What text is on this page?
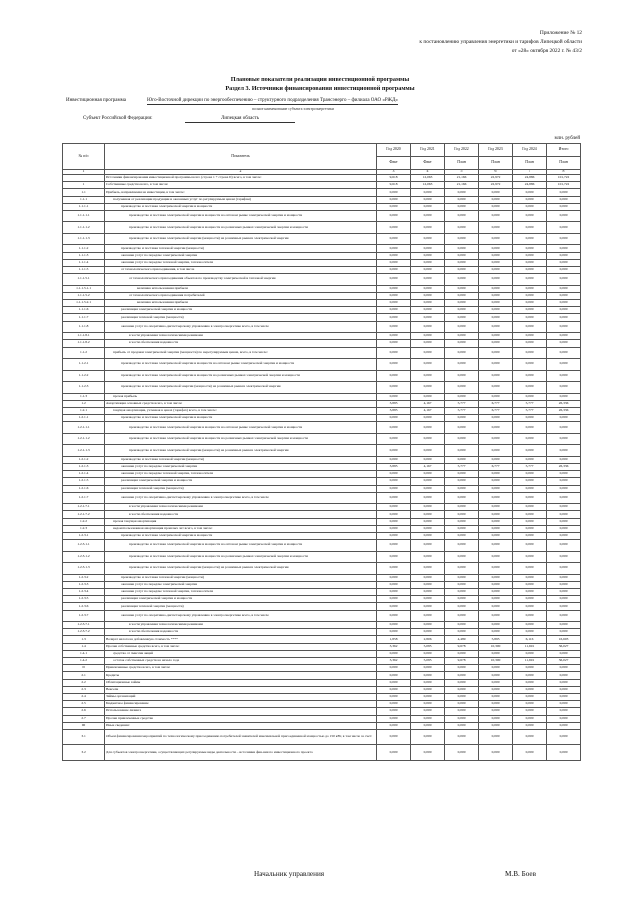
Приложение № 12
к постановлению управления энергетики и тарифов Липецкой области
от «28» октября 2022 г. № 43/2
Плановые показатели реализации инвестиционной программы
Раздел 3. Источники финансирования инвестиционной программы
Инвестиционная программа	Юго-Восточной дирекции по энергообеспечению – структурного подразделения Трансэнерго – филиала ОАО «РЖД»
полное наименование субъекта электроэнергетики
Субъект Российской Федерации:	Липецкая область
млн. рублей
№ п/п	Показатель	Год 2020	Год 2021	Год 2022	Год 2023	Год 2024	Итого	
		Факт	Факт	План	План	План	План	
1	2	3	4	5	6	7	8	
	Источники финансирования инвестиционной программы всего (строка 1 + строка II) всего, в том числе:	9,618	12,063	21,166	22,972	24,886	101,722	
1	Собственные средства всего, в том числе:	9,618	12,063	21,166	22,972	24,886	101,722	
1.1	Прибыль, направляемая на инвестиции, в том числе:	0,000	0,000	0,000	0,000	0,000	0,000	
1.1.1	полученная от реализации продукции и оказанных услуг по регулируемым ценам (тарифам)	0,000	0,000	0,000	0,000	0,000	0,000	
1.1.1.1	производство и поставка электрической энергии и мощности	0,000	0,000	0,000	0,000	0,000	0,000	
1.1.1.1.1	производство и поставка электрической энергии и мощности на оптовом рынке электрической энергии и мощности	0,000	0,000	0,000	0,000	0,000	0,000	
1.1.1.1.2	производство и поставка электрической энергии и мощности на розничных рынках электрической энергии и мощности	0,000	0,000	0,000	0,000	0,000	0,000	
1.1.1.1.3	производство и поставка электрической энергии (мощности) на розничных рынках электрической энергии	0,000	0,000	0,000	0,000	0,000	0,000	
1.1.1.2	производство и поставка тепловой энергии (мощности)	0,000	0,000	0,000	0,000	0,000	0,000	
1.1.1.3	оказание услуг по передаче электрической энергии	0,000	0,000	0,000	0,000	0,000	0,000	
1.1.1.4	оказание услуг по передаче тепловой энергии, теплоносителя	0,000	0,000	0,000	0,000	0,000	0,000	
1.1.1.5	от технологического присоединения, в том числе	0,000	0,000	0,000	0,000	0,000	0,000	
1.1.1.5.1	от технологического присоединения объектов по производству электрической и тепловой энергии	0,000	0,000	0,000	0,000	0,000	0,000	
1.1.1.5.1.1	величина использования прибыли	0,000	0,000	0,000	0,000	0,000	0,000	
1.1.1.5.2	от технологического присоединения потребителей	0,000	0,000	0,000	0,000	0,000	0,000	
1.1.1.5.2.1	величина использования прибыли	0,000	0,000	0,000	0,000	0,000	0,000	
1.1.1.6	реализация электрической энергии и мощности	0,000	0,000	0,000	0,000	0,000	0,000	
1.1.1.7	реализация тепловой энергии (мощности)	0,000	0,000	0,000	0,000	0,000	0,000	
1.1.1.8	оказание услуг по оперативно-диспетчерскому управлению в электроэнергетике всего, в том числе	0,000	0,000	0,000	0,000	0,000	0,000	
1.1.1.8.1	в части управления технологическими режимами	0,000	0,000	0,000	0,000	0,000	0,000	
1.1.1.8.2	в части обеспечения надежности	0,000	0,000	0,000	0,000	0,000	0,000	
1.1.2	прибыль от продажи электрической энергии (мощности) по нерегулируемым ценам, всего, в том числе:	0,000	0,000	0,000	0,000	0,000	0,000	
1.1.2.1	производство и поставка электрической энергии и мощности на оптовом рынке электрической энергии и мощности	0,000	0,000	0,000	0,000	0,000	0,000	
1.1.2.2	производство и поставка электрической энергии и мощности на розничных рынках электрической энергии и мощности	0,000	0,000	0,000	0,000	0,000	0,000	
1.1.2.3	производство и поставка электрической энергии (мощности) на розничных рынках электрической энергии	0,000	0,000	0,000	0,000	0,000	0,000	
1.1.3	прочая прибыль	0,000	0,000	0,000	0,000	0,000	0,000	
1.2	Амортизация основных средств всего, в том числе:	3,885	4,167	5,777	6,777	5,777	26,336	
1.2.1	текущая амортизация, учтенная в ценах (тарифах) всего, в том числе:	3,885	4,167	5,777	6,777	5,777	26,336	
1.2.1.1	производство и поставка электрической энергии и мощности	0,000	0,000	0,000	0,000	0,000	0,000	
1.2.1.1.1	производство и поставка электрической энергии и мощности на оптовом рынке электрической энергии и мощности	0,000	0,000	0,000	0,000	0,000	0,000	
1.2.1.1.2	производство и поставка электрической энергии и мощности на розничных рынках электрической энергии и мощности	0,000	0,000	0,000	0,000	0,000	0,000	
1.2.1.1.3	производство и поставка электрической энергии (мощности) на розничных рынках электрической энергии	0,000	0,000	0,000	0,000	0,000	0,000	
1.2.1.2	производство и поставка тепловой энергии (мощности)	0,000	0,000	0,000	0,000	0,000	0,000	
1.2.1.3	оказание услуг по передаче электрической энергии	3,885	4,167	5,777	6,777	5,777	26,336	
1.2.1.4	оказание услуг по передаче тепловой энергии, теплоносителя	0,000	0,000	0,000	0,000	0,000	0,000	
1.2.1.5	реализация электрической энергии и мощности	0,000	0,000	0,000	0,000	0,000	0,000	
1.2.1.6	реализация тепловой энергии (мощности)	0,000	0,000	0,000	0,000	0,000	0,000	
1.2.1.7	оказание услуг по оперативно-диспетчерскому управлению в электроэнергетике всего, в том числе	0,000	0,000	0,000	0,000	0,000	0,000	
1.2.1.7.1	в части управления технологическими режимами	0,000	0,000	0,000	0,000	0,000	0,000	
1.2.1.7.2	в части обеспечения надежности	0,000	0,000	0,000	0,000	0,000	0,000	
1.2.2	прочая текущая амортизация	0,000	0,000	0,000	0,000	0,000	0,000	
1.2.3	недоиспользованная амортизация прошлых лет всего, в том числе:	0,000	0,000	0,000	0,000	0,000	0,000	
1.2.3.1	производство и поставка электрической энергии и мощности	0,000	0,000	0,000	0,000	0,000	0,000	
1.2.3.1.1	производство и поставка электрической энергии и мощности на оптовом рынке электрической энергии и мощности	0,000	0,000	0,000	0,000	0,000	0,000	
1.2.3.1.2	производство и поставка электрической энергии и мощности на розничных рынках электрической энергии и мощности	0,000	0,000	0,000	0,000	0,000	0,000	
1.2.3.1.3	производство и поставка электрической энергии (мощности) на розничных рынках электрической энергии	0,000	0,000	0,000	0,000	0,000	0,000	
1.2.3.2	производство и поставка тепловой энергии (мощности)	0,000	0,000	0,000	0,000	0,000	0,000	
1.2.3.3	оказание услуг по передаче электрической энергии	0,000	0,000	0,000	0,000	0,000	0,000	
1.2.3.4	оказание услуг по передаче тепловой энергии, теплоносителя	0,000	0,000	0,000	0,000	0,000	0,000	
1.2.3.5	реализация электрической энергии и мощности	0,000	0,000	0,000	0,000	0,000	0,000	
1.2.3.6	реализация тепловой энергии (мощности)	0,000	0,000	0,000	0,000	0,000	0,000	
1.2.3.7	оказание услуг по оперативно-диспетчерскому управлению в электроэнергетике всего, в том числе	0,000	0,000	0,000	0,000	0,000	0,000	
1.2.3.7.1	в части управления технологическими режимами	0,000	0,000	0,000	0,000	0,000	0,000	
1.2.3.7.2	в части обеспечения надежности	0,000	0,000	0,000	0,000	0,000	0,000	
1.3	Возврат налога на добавленную стоимость ****	1,858	2,806	4,489	5,895	6,116	16,603	
1.4	Прочие собственные средства всего, в том числе:	3,362	5,085	9,678	10,300	11,691	36,027	
1.4.1	средства от эмиссии акций	0,000	0,000	0,000	0,000	0,000	0,000	
1.4.2	остаток собственных средств на начало года	3,362	5,085	9,678	10,300	11,691	36,027	
II	Привлеченные средства всего, в том числе:	0,000	0,000	0,000	0,000	0,000	0,000	
2.1	Кредиты	0,000	0,000	0,000	0,000	0,000	0,000	
2.2	Облигационные займы	0,000	0,000	0,000	0,000	0,000	0,000	
2.3	Вексели	0,000	0,000	0,000	0,000	0,000	0,000	
2.4	Займы организаций	0,000	0,000	0,000	0,000	0,000	0,000	
2.5	Бюджетное финансирование	0,000	0,000	0,000	0,000	0,000	0,000	
2.6	Использование лизинга	0,000	0,000	0,000	0,000	0,000	0,000	
2.7	Прочие привлеченные средства	0,000	0,000	0,000	0,000	0,000	0,000	
III	Иные сведения:	0,000	0,000	0,000	0,000	0,000	0,000	
3.1	Объем финансирования мероприятий по технологическому присоединению потребителей заявителей максимальной присоединенной мощностью до 150 кВт, в том числе за счет:	0,000	0,000	0,000	0,000	0,000	0,000	
3.2	Для субъектов электроэнергетики, осуществляющих регулируемые виды деятельности – источники фин-ния по инвестиционного проекта	0,000	0,000	0,000	0,000	0,000	0,000	
Начальник управления	М.В. Боев
